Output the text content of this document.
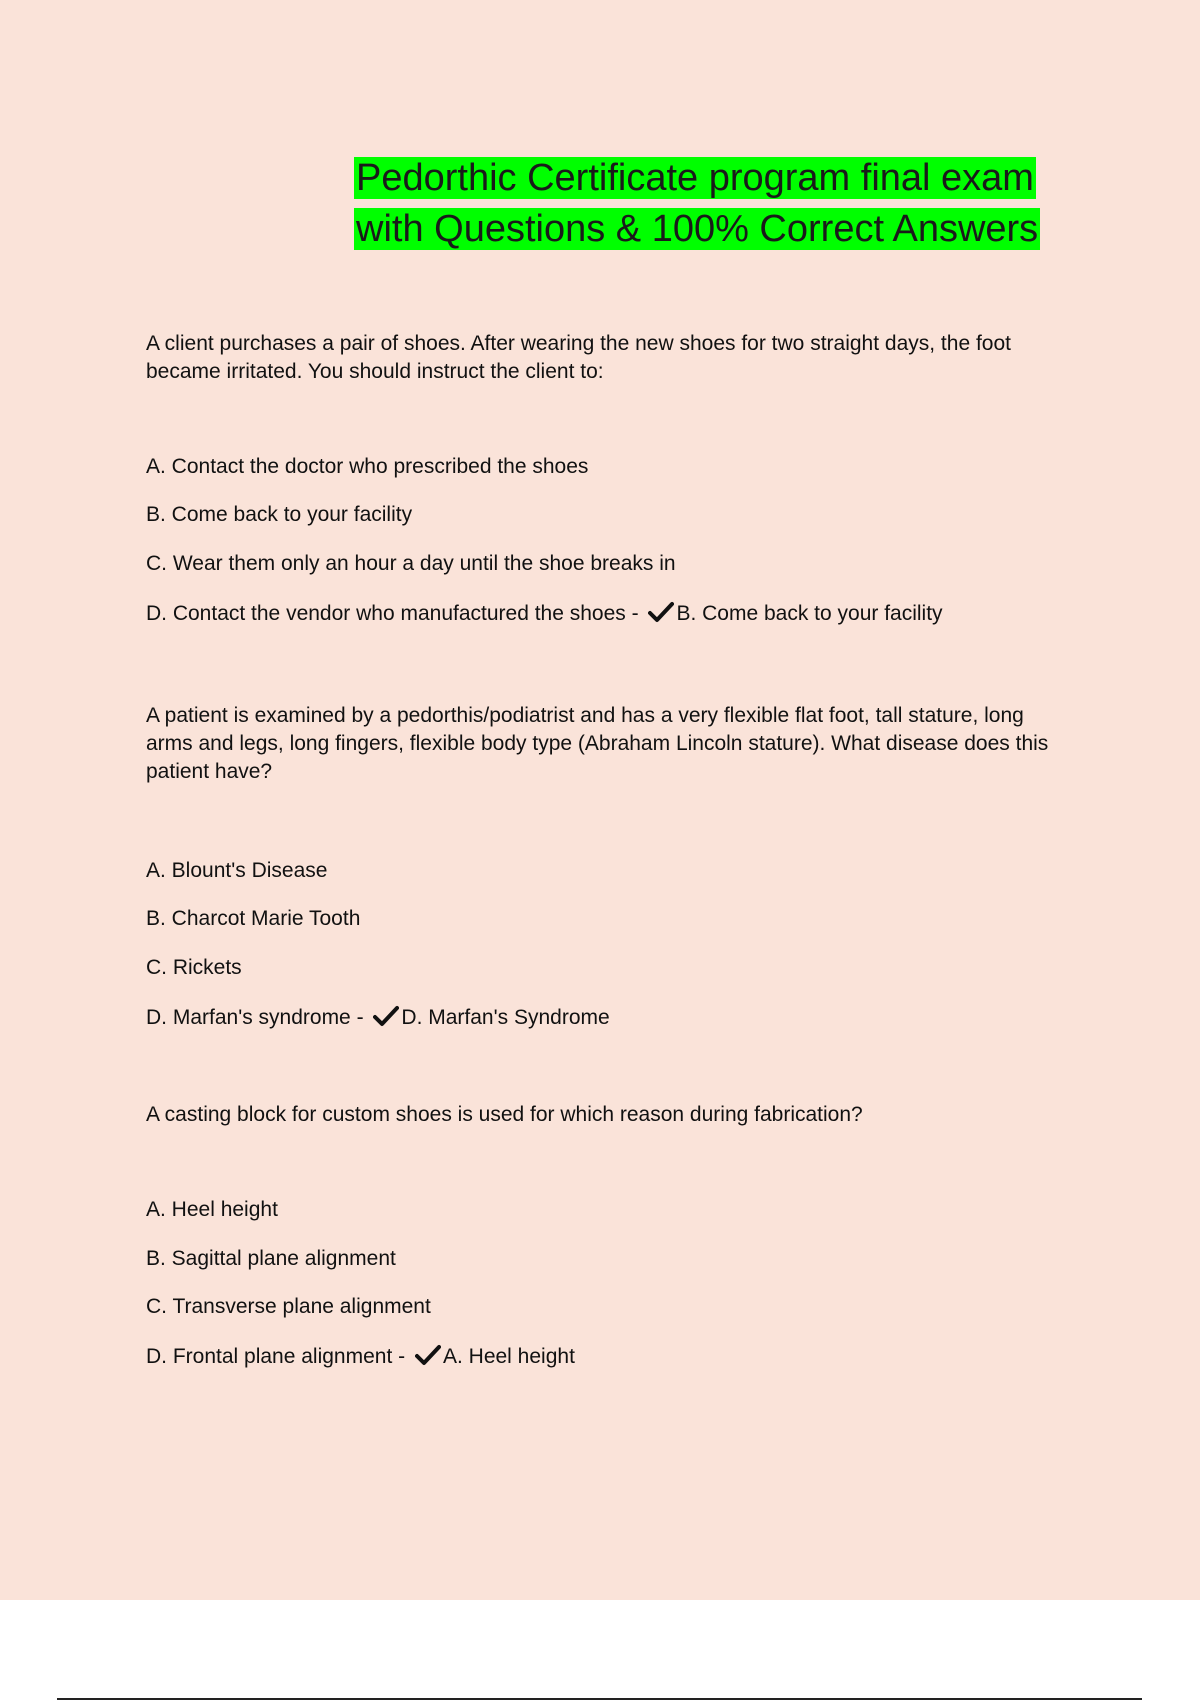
Pedorthic Certificate program final exam
with Questions & 100% Correct Answers

A client purchases a pair of shoes. After wearing the new shoes for two straight days, the foot became irritated. You should instruct the client to:

A. Contact the doctor who prescribed the shoes

B. Come back to your facility

C. Wear them only an hour a day until the shoe breaks in

D. Contact the vendor who manufactured the shoes - B. Come back to your facility

A patient is examined by a pedorthis/podiatrist and has a very flexible flat foot, tall stature, long arms and legs, long fingers, flexible body type (Abraham Lincoln stature). What disease does this patient have?

A. Blount's Disease

B. Charcot Marie Tooth

C. Rickets

D. Marfan's syndrome - D. Marfan's Syndrome

A casting block for custom shoes is used for which reason during fabrication?

A. Heel height

B. Sagittal plane alignment

C. Transverse plane alignment

D. Frontal plane alignment - A. Heel height
